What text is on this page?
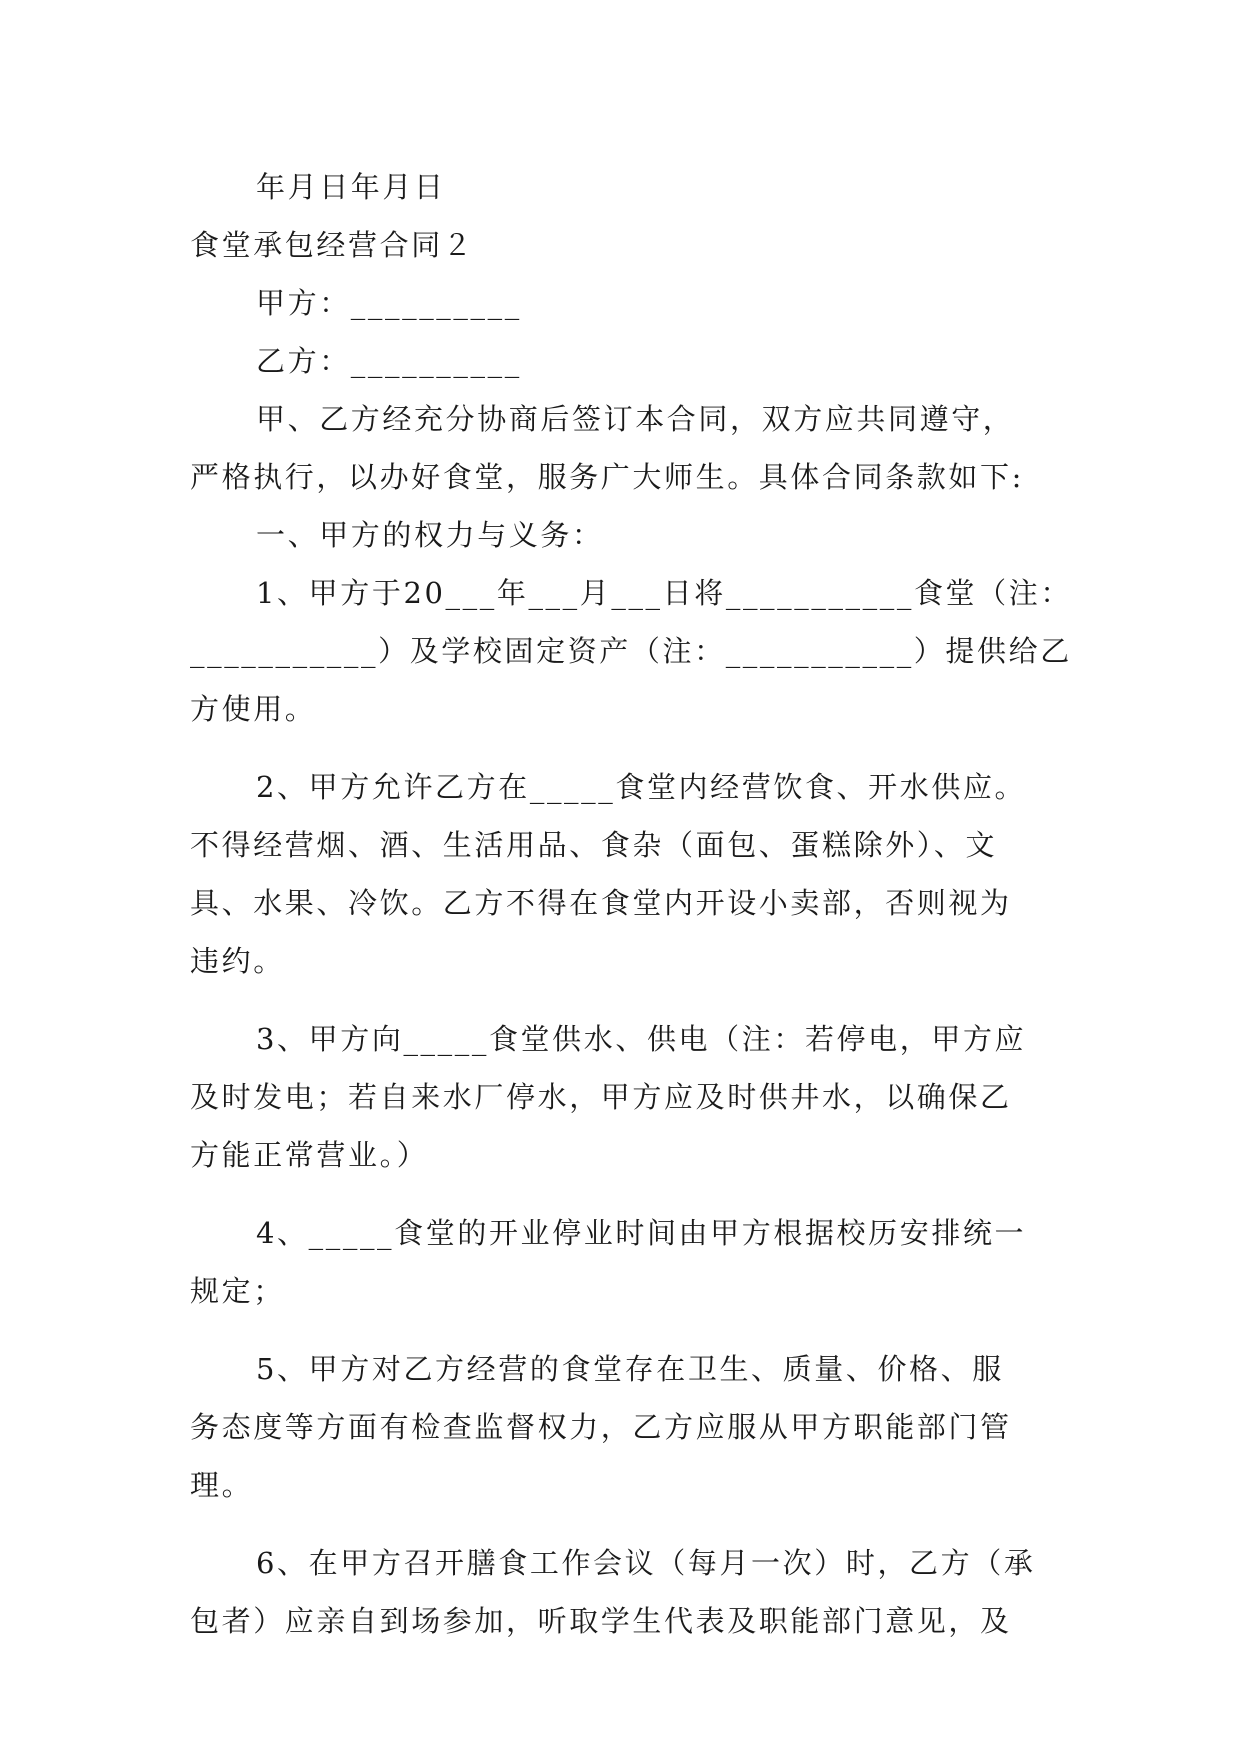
年月日年月日
食堂承包经营合同２
甲方：__________
乙方：__________
甲、乙方经充分协商后签订本合同，双方应共同遵守，
严格执行，以办好食堂，服务广大师生。具体合同条款如下:
一、甲方的权力与义务：
1、甲方于20___年___月___日将___________食堂（注：
___________）及学校固定资产（注：___________）提供给乙
方使用。
2、甲方允许乙方在_____食堂内经营饮食、开水供应。
不得经营烟、酒、生活用品、食杂（面包、蛋糕除外）、文
具、水果、冷饮。乙方不得在食堂内开设小卖部，否则视为
违约。
3、甲方向_____食堂供水、供电（注：若停电，甲方应
及时发电；若自来水厂停水，甲方应及时供井水，以确保乙
方能正常营业。）
4、_____食堂的开业停业时间由甲方根据校历安排统一
规定；
5、甲方对乙方经营的食堂存在卫生、质量、价格、服
务态度等方面有检查监督权力，乙方应服从甲方职能部门管
理。
6、在甲方召开膳食工作会议（每月一次）时，乙方（承
包者）应亲自到场参加，听取学生代表及职能部门意见，及
